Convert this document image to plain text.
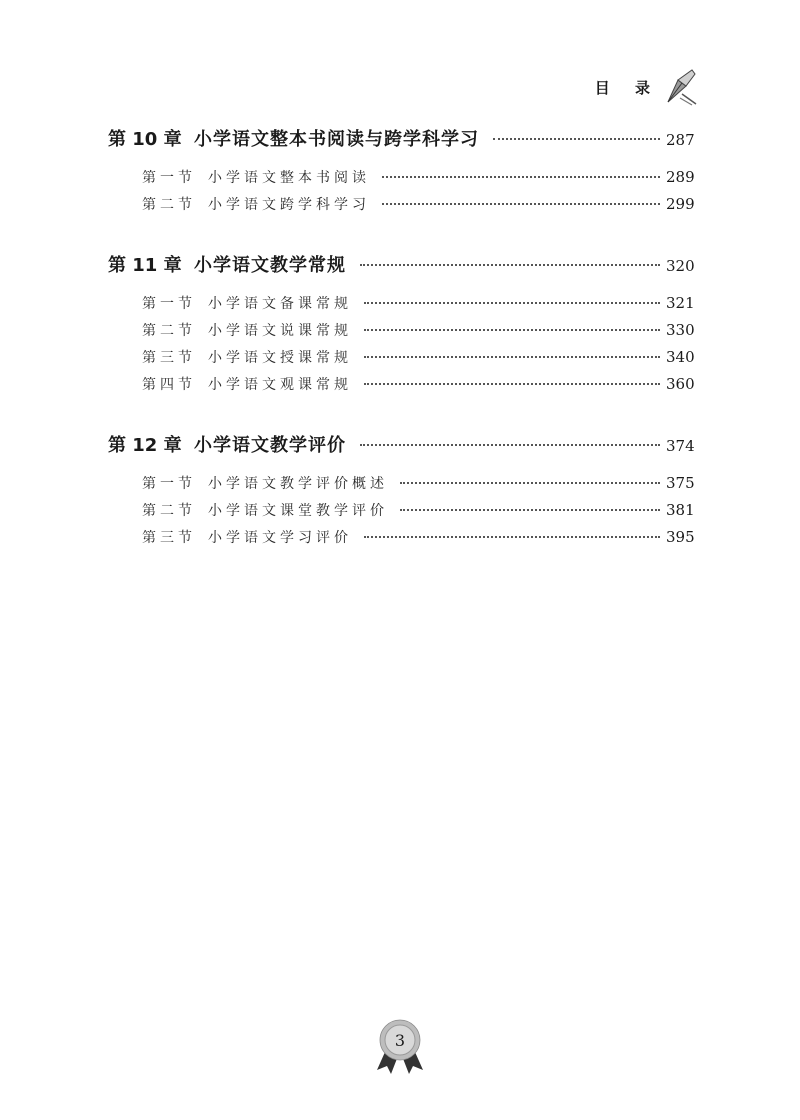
目 录
第 10 章 小学语文整本书阅读与跨学科学习	287
第一节 小学语文整本书阅读	289
第二节 小学语文跨学科学习	299
第 11 章 小学语文教学常规	320
第一节 小学语文备课常规	321
第二节 小学语文说课常规	330
第三节 小学语文授课常规	340
第四节 小学语文观课常规	360
第 12 章 小学语文教学评价	374
第一节 小学语文教学评价概述	375
第二节 小学语文课堂教学评价	381
第三节 小学语文学习评价	395
3
